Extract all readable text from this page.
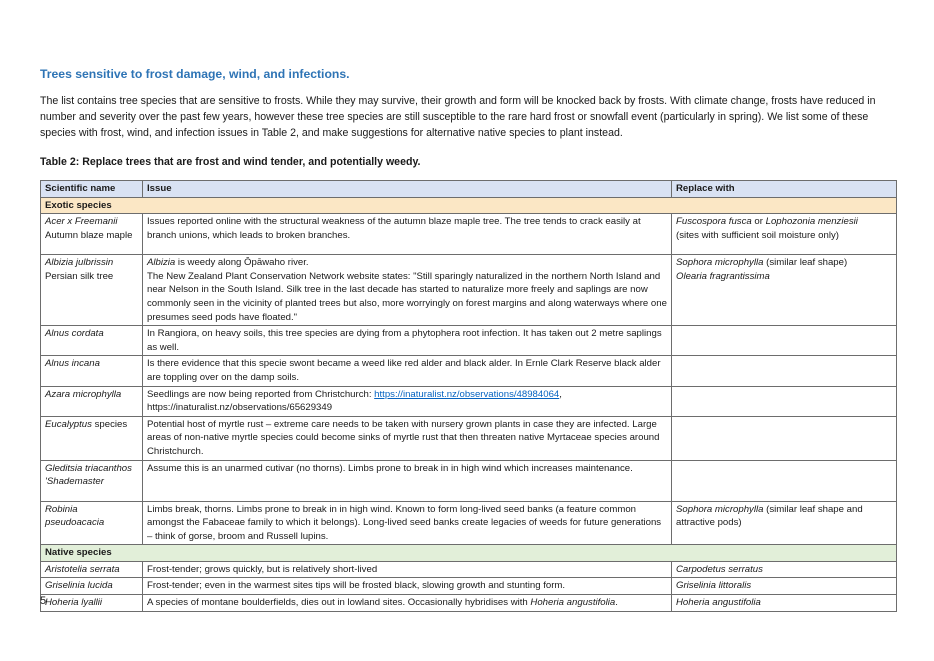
Trees sensitive to frost damage, wind, and infections.
The list contains tree species that are sensitive to frosts. While they may survive, their growth and form will be knocked back by frosts. With climate change, frosts have reduced in number and severity over the past few years, however these tree species are still susceptible to the rare hard frost or snowfall event (particularly in spring). We list some of these species with frost, wind, and infection issues in Table 2, and make suggestions for alternative native species to plant instead.
Table 2: Replace trees that are frost and wind tender, and potentially weedy.
Scientific name	Issue	Replace with
Exotic species		
Acer x Freemanii
Autumn blaze maple	Issues reported online with the structural weakness of the autumn blaze maple tree. The tree tends to crack easily at branch unions, which leads to broken branches.	Fuscospora fusca or Lophozonia menziesii
(sites with sufficient soil moisture only)
Albizia julbrissin
Persian silk tree	Albizia is weedy along Ōpāwaho river.
The New Zealand Plant Conservation Network website states: "Still sparingly naturalized in the northern North Island and near Nelson in the South Island. Silk tree in the last decade has started to naturalize more freely and saplings are now commonly seen in the vicinity of planted trees but also, more worryingly on forest margins and along waterways where one presumes seed pods have floated."	Sophora microphylla (similar leaf shape)
Olearia fragrantissima
Alnus cordata	In Rangiora, on heavy soils, this tree species are dying from a phytophera root infection. It has taken out 2 metre saplings as well.	
Alnus incana	Is there evidence that this specie swont became a weed like red alder and black alder. In Ernle Clark Reserve black alder are toppling over on the damp soils.	
Azara microphylla	Seedlings are now being reported from Christchurch: https://inaturalist.nz/observations/48984064,
https://inaturalist.nz/observations/65629349	
Eucalyptus species	Potential host of myrtle rust – extreme care needs to be taken with nursery grown plants in case they are infected. Large areas of non-native myrtle species could become sinks of myrtle rust that then threaten native Myrtaceae species around Christchurch.	
Gleditsia triacanthos 'Shademaster	Assume this is an unarmed cutivar (no thorns). Limbs prone to break in in high wind which increases maintenance.	
Robinia pseudoacacia	Limbs break, thorns. Limbs prone to break in in high wind. Known to form long-lived seed banks (a feature common amongst the Fabaceae family to which it belongs). Long-lived seed banks create legacies of weeds for future generations – think of gorse, broom and Russell lupins.	Sophora microphylla (similar leaf shape and attractive pods)
Native species		
Aristotelia serrata	Frost-tender; grows quickly, but is relatively short-lived	Carpodetus serratus
Griselinia lucida	Frost-tender; even in the warmest sites tips will be frosted black, slowing growth and stunting form.	Griselinia littoralis
Hoheria lyallii	A species of montane boulderfields, dies out in lowland sites. Occasionally hybridises with Hoheria angustifolia.	Hoheria angustifolia
5
